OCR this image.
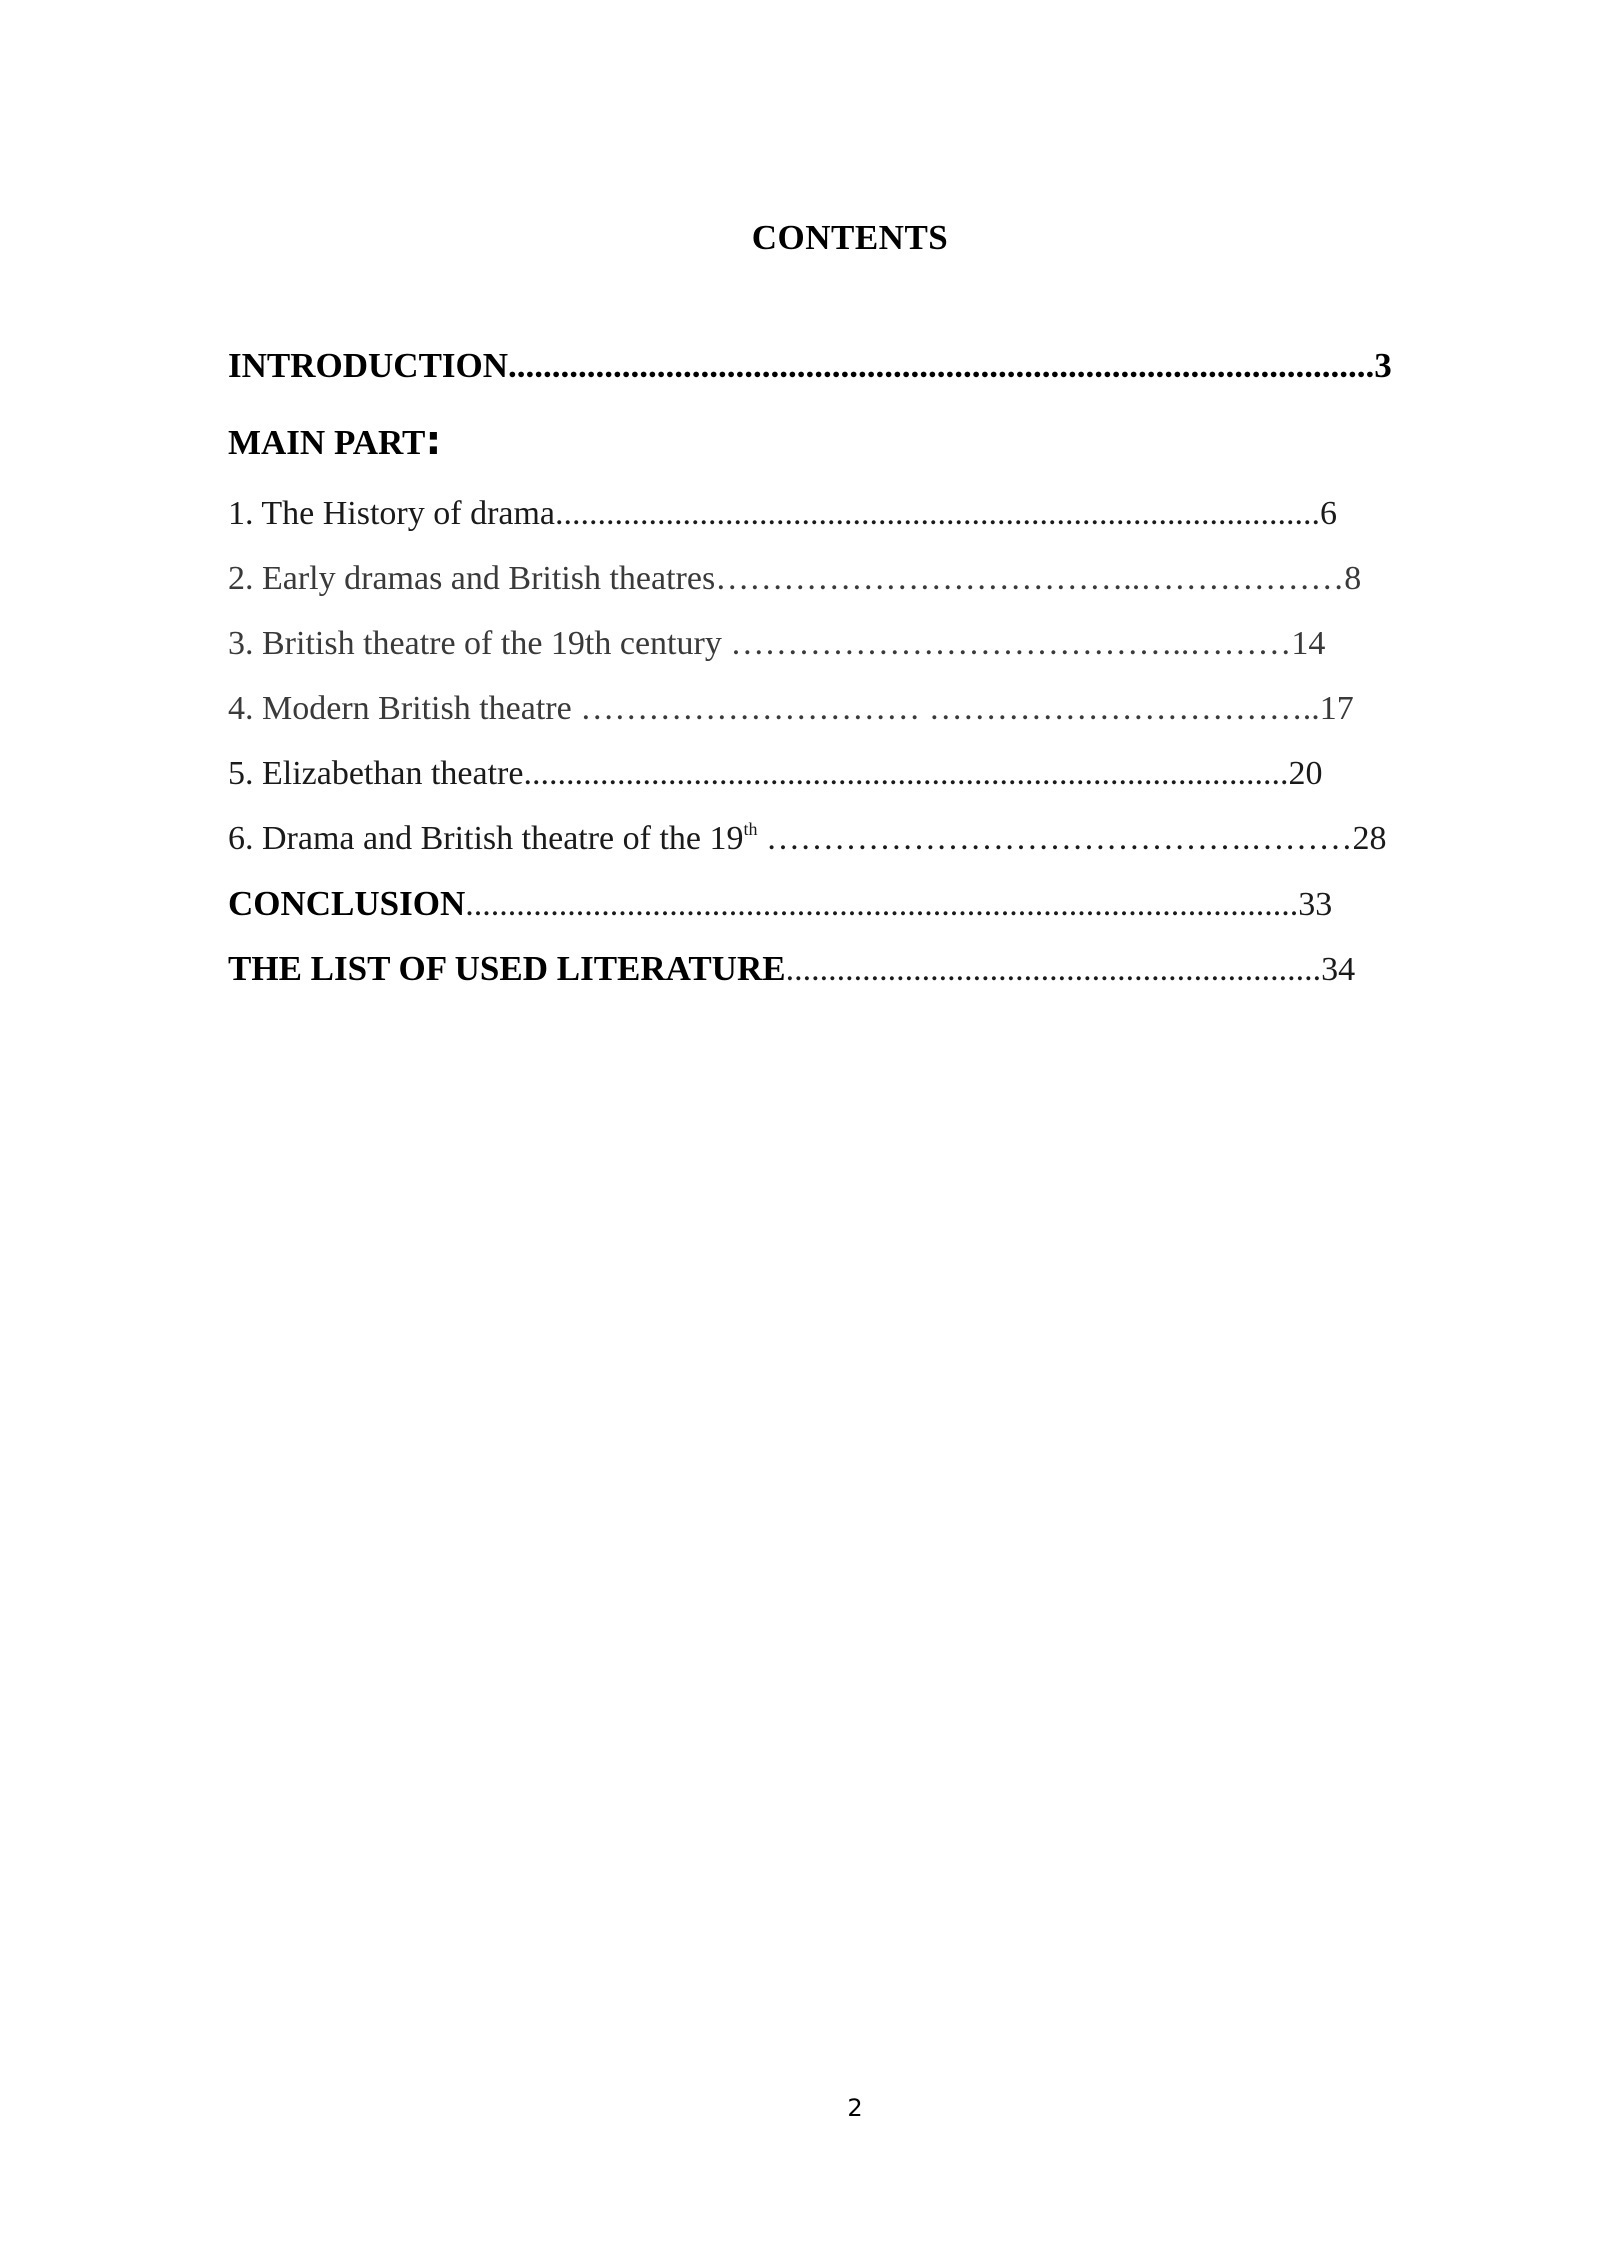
CONTENTS
INTRODUCTION...................................................................................................3
MAIN PART:
1. The History of drama..........................................................................................6
2. Early dramas and British theatres………………………………..………………8
3. British theatre of the 19th century …………………………………..………14
4. Modern British theatre ………………………… ……………………………..17
5. Elizabethan theatre..........................................................................................20
6. Drama and British theatre of the 19th …………………………………….………28
CONCLUSION..................................................................................................33
THE LIST OF USED LITERATURE...............................................................34
2
